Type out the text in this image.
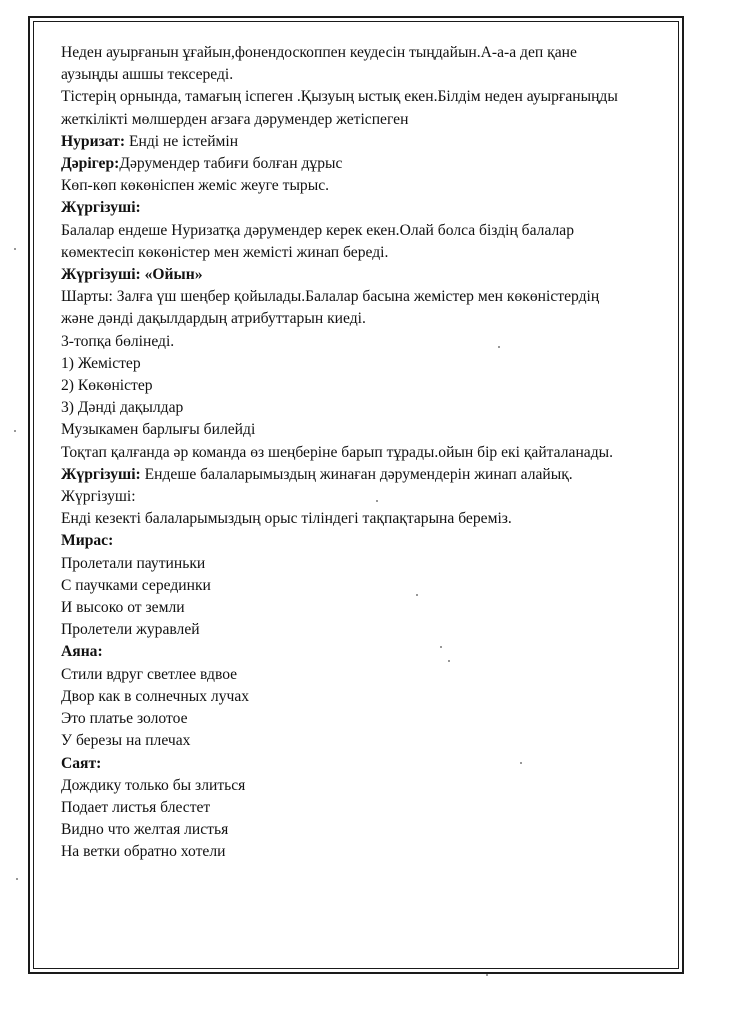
Неден ауырғанын ұғайын,фонендоскоппен кеудесін тыңдайын.А-а-а деп қане
аузыңды ашшы тексереді.
Тістерің орнында, тамағың іспеген .Қызуың ыстық екен.Білдім неден ауырғаныңды
жеткілікті мөлшерден ағзаға дәрумендер жетіспеген
Нуризат: Енді не істеймін
Дәрігер:Дәрумендер табиғи болған дұрыс
Көп-көп көкөніспен жеміс жеуге тырыс.
Жүргізуші:
Балалар ендеше Нуризатқа дәрумендер керек екен.Олай болса біздің балалар
көмектесіп көкөністер мен жемісті жинап береді.
Жүргізуші: «Ойын»
Шарты: Залға үш шеңбер қойылады.Балалар басына жемістер мен көкөністердің
және дәнді дақылдардың атрибуттарын киеді.
3-топқа бөлінеді.
1) Жемістер
2) Көкөністер
3) Дәнді дақылдар
Музыкамен барлығы билейді
Тоқтап қалғанда әр команда өз шеңберіне барып тұрады.ойын бір екі қайталанады.
Жүргізуші: Ендеше балаларымыздың жинаған дәрумендерін жинап алайық.
Жүргізуші:
Енді кезекті балаларымыздың орыс тіліндегі тақпақтарына береміз.
Мирас:
Пролетали паутиньки
С паучками серединки
И высоко от земли
Пролетели журавлей
Аяна:
Стили вдруг светлее вдвое
Двор как в солнечных лучах
Это платье золотое
У березы на плечах
Саят:
Дождику только бы злиться
Подает листья блестет
Видно что желтая листья
На ветки обратно хотели
